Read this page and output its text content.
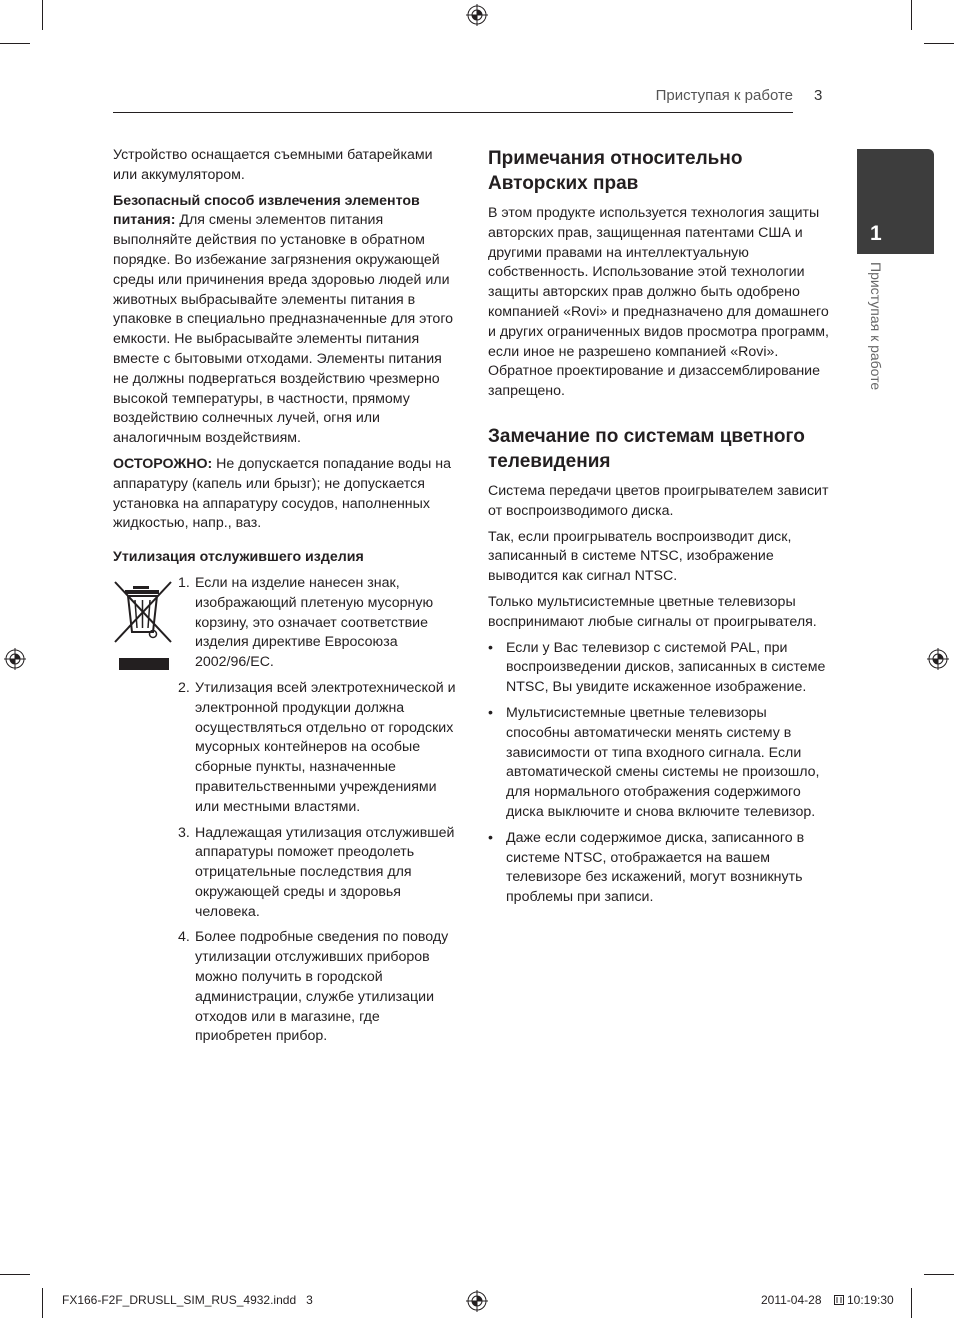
Приступая к работе 3
1
Приступая к работе

Устройство оснащается съемными батарейками или аккумулятором.

Безопасный способ извлечения элементов питания: Для смены элементов питания выполняйте действия по установке в обратном порядке. Во избежание загрязнения окружающей среды или причинения вреда здоровью людей или животных выбрасывайте элементы питания в упаковке в специально предназначенные для этого емкости. Не выбрасывайте элементы питания вместе с бытовыми отходами. Элементы питания не должны подвергаться воздействию чрезмерно высокой температуры, в частности, прямому воздействию солнечных лучей, огня или аналогичным воздействиям.

ОСТОРОЖНО: Не допускается попадание воды на аппаратуру (капель или брызг); не допускается установка на аппаратуру сосудов, наполненных жидкостью, напр., ваз.

Утилизация отслужившего изделия
1. Если на изделие нанесен знак, изображающий плетеную мусорную корзину, это означает соответствие изделия директиве Евросоюза 2002/96/EC.
2. Утилизация всей электротехнической и электронной продукции должна осуществляться отдельно от городских мусорных контейнеров на особые сборные пункты, назначенные правительственными учреждениями или местными властями.
3. Надлежащая утилизация отслужившей аппаратуры поможет преодолеть отрицательные последствия для окружающей среды и здоровья человека.
4. Более подробные сведения по поводу утилизации отслуживших приборов можно получить в городской администрации, службе утилизации отходов или в магазине, где приобретен прибор.
Примечания относительно Авторских прав

В этом продукте используется технология защиты авторских прав, защищенная патентами США и другими правами на интеллектуальную собственность. Использование этой технологии защиты авторских прав должно быть одобрено компанией «Rovi» и предназначено для домашнего и других ограниченных видов просмотра программ, если иное не разрешено компанией «Rovi». Обратное проектирование и дизассемблирование запрещено.

Замечание по системам цветного телевидения

Система передачи цветов проигрывателем зависит от воспроизводимого диска.

Так, если проигрыватель воспроизводит диск, записанный в системе NTSC, изображение выводится как сигнал NTSC.

Только мультисистемные цветные телевизоры воспринимают любые сигналы от проигрывателя.

• Если у Вас телевизор с системой PAL, при воспроизведении дисков, записанных в системе NTSC, Вы увидите искаженное изображение.
• Мультисистемные цветные телевизоры способны автоматически менять систему в зависимости от типа входного сигнала. Если автоматической смены системы не произошло, для нормального отображения содержимого диска выключите и снова включите телевизор.
• Даже если содержимое диска, записанного в системе NTSC, отображается на вашем телевизоре без искажений, могут возникнуть проблемы при записи.
FX166-F2F_DRUSLL_SIM_RUS_4932.indd   3	2011-04-28 10:19:30
